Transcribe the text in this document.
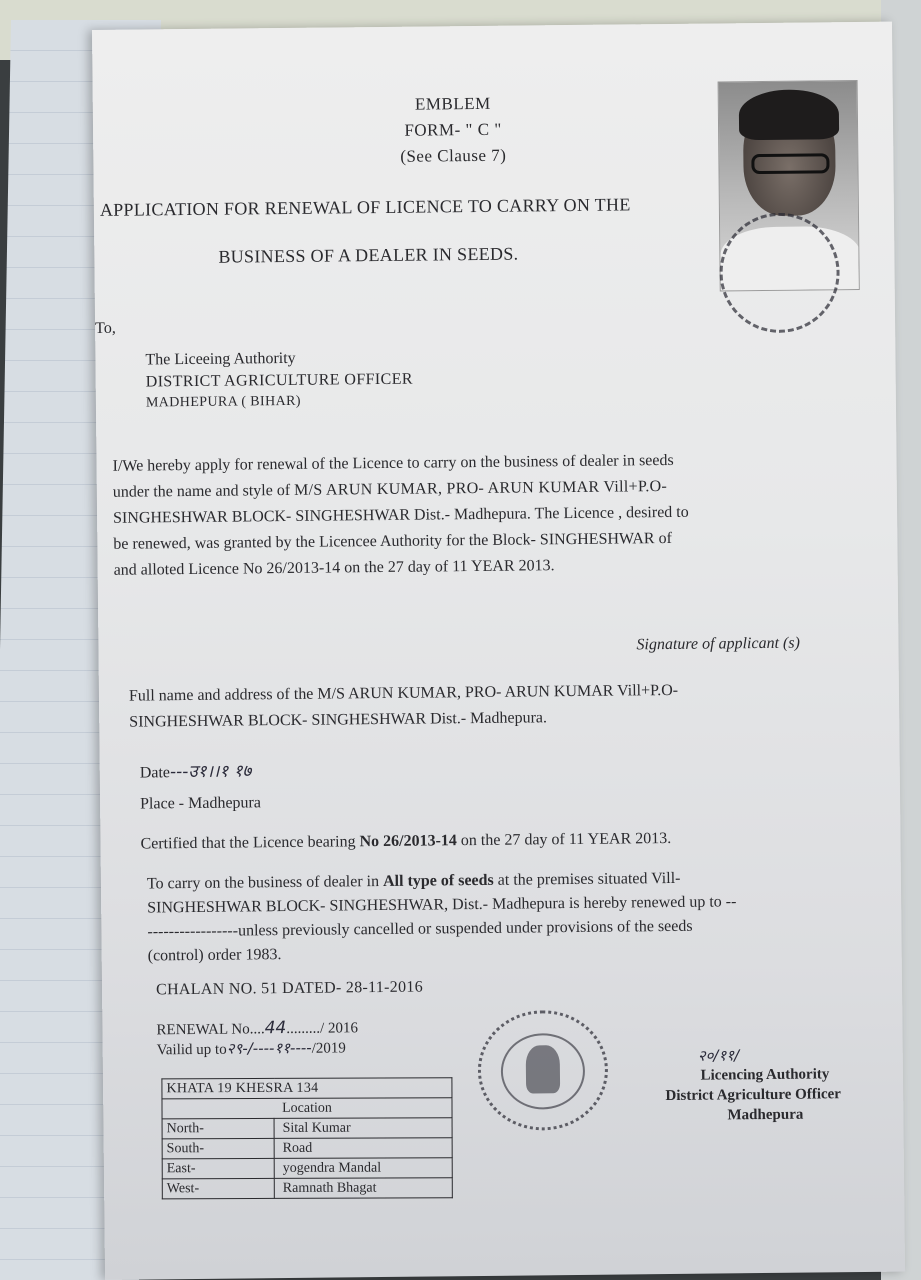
EMBLEM
FORM- " C "
(See Clause 7)
APPLICATION FOR RENEWAL OF LICENCE TO CARRY ON THE
BUSINESS OF A DEALER IN SEEDS.
To,
The Liceeing Authority
DISTRICT AGRICULTURE OFFICER
MADHEPURA ( BIHAR)
I/We hereby apply for renewal of the Licence to carry on the business of dealer in seeds
under the name and style of M/S ARUN KUMAR, PRO- ARUN KUMAR Vill+P.O-
SINGHESHWAR BLOCK- SINGHESHWAR Dist.- Madhepura. The Licence , desired to
be renewed, was granted by the Licencee Authority for the Block- SINGHESHWAR of
and alloted Licence No 26/2013-14 on the 27 day of 11 YEAR 2013.
Signature of applicant (s)
Full name and address of the M/S ARUN KUMAR, PRO- ARUN KUMAR Vill+P.O-
SINGHESHWAR BLOCK- SINGHESHWAR Dist.- Madhepura.
Date---उ१।।१ १७
Place - Madhepura
Certified that the Licence bearing No 26/2013-14 on the 27 day of 11 YEAR 2013.
To carry on the business of dealer in All type of seeds at the premises situated Vill-
SINGHESHWAR BLOCK- SINGHESHWAR, Dist.- Madhepura is hereby renewed up to --
-----------------unless previously cancelled or suspended under provisions of the seeds
(control) order 1983.
CHALAN NO. 51 DATED- 28-11-2016
RENEWAL No....44........./ 2016
Vailid up to२९-/----११----/2019
KHATA 19 KHESRA 134	
Location	
North-	Sital Kumar
South-	Road
East-	yogendra Mandal
West-	Ramnath Bhagat
२०/११/
Licencing Authority
District Agriculture Officer
Madhepura
